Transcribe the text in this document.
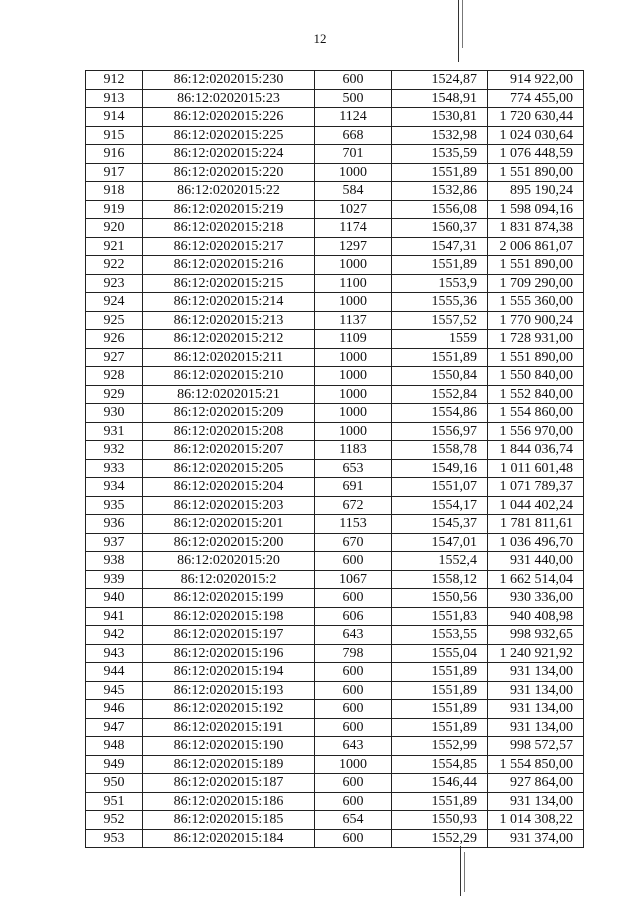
12
912	86:12:0202015:230	600	1524,87	914 922,00
913	86:12:0202015:23	500	1548,91	774 455,00
914	86:12:0202015:226	1124	1530,81	1 720 630,44
915	86:12:0202015:225	668	1532,98	1 024 030,64
916	86:12:0202015:224	701	1535,59	1 076 448,59
917	86:12:0202015:220	1000	1551,89	1 551 890,00
918	86:12:0202015:22	584	1532,86	895 190,24
919	86:12:0202015:219	1027	1556,08	1 598 094,16
920	86:12:0202015:218	1174	1560,37	1 831 874,38
921	86:12:0202015:217	1297	1547,31	2 006 861,07
922	86:12:0202015:216	1000	1551,89	1 551 890,00
923	86:12:0202015:215	1100	1553,9	1 709 290,00
924	86:12:0202015:214	1000	1555,36	1 555 360,00
925	86:12:0202015:213	1137	1557,52	1 770 900,24
926	86:12:0202015:212	1109	1559	1 728 931,00
927	86:12:0202015:211	1000	1551,89	1 551 890,00
928	86:12:0202015:210	1000	1550,84	1 550 840,00
929	86:12:0202015:21	1000	1552,84	1 552 840,00
930	86:12:0202015:209	1000	1554,86	1 554 860,00
931	86:12:0202015:208	1000	1556,97	1 556 970,00
932	86:12:0202015:207	1183	1558,78	1 844 036,74
933	86:12:0202015:205	653	1549,16	1 011 601,48
934	86:12:0202015:204	691	1551,07	1 071 789,37
935	86:12:0202015:203	672	1554,17	1 044 402,24
936	86:12:0202015:201	1153	1545,37	1 781 811,61
937	86:12:0202015:200	670	1547,01	1 036 496,70
938	86:12:0202015:20	600	1552,4	931 440,00
939	86:12:0202015:2	1067	1558,12	1 662 514,04
940	86:12:0202015:199	600	1550,56	930 336,00
941	86:12:0202015:198	606	1551,83	940 408,98
942	86:12:0202015:197	643	1553,55	998 932,65
943	86:12:0202015:196	798	1555,04	1 240 921,92
944	86:12:0202015:194	600	1551,89	931 134,00
945	86:12:0202015:193	600	1551,89	931 134,00
946	86:12:0202015:192	600	1551,89	931 134,00
947	86:12:0202015:191	600	1551,89	931 134,00
948	86:12:0202015:190	643	1552,99	998 572,57
949	86:12:0202015:189	1000	1554,85	1 554 850,00
950	86:12:0202015:187	600	1546,44	927 864,00
951	86:12:0202015:186	600	1551,89	931 134,00
952	86:12:0202015:185	654	1550,93	1 014 308,22
953	86:12:0202015:184	600	1552,29	931 374,00
